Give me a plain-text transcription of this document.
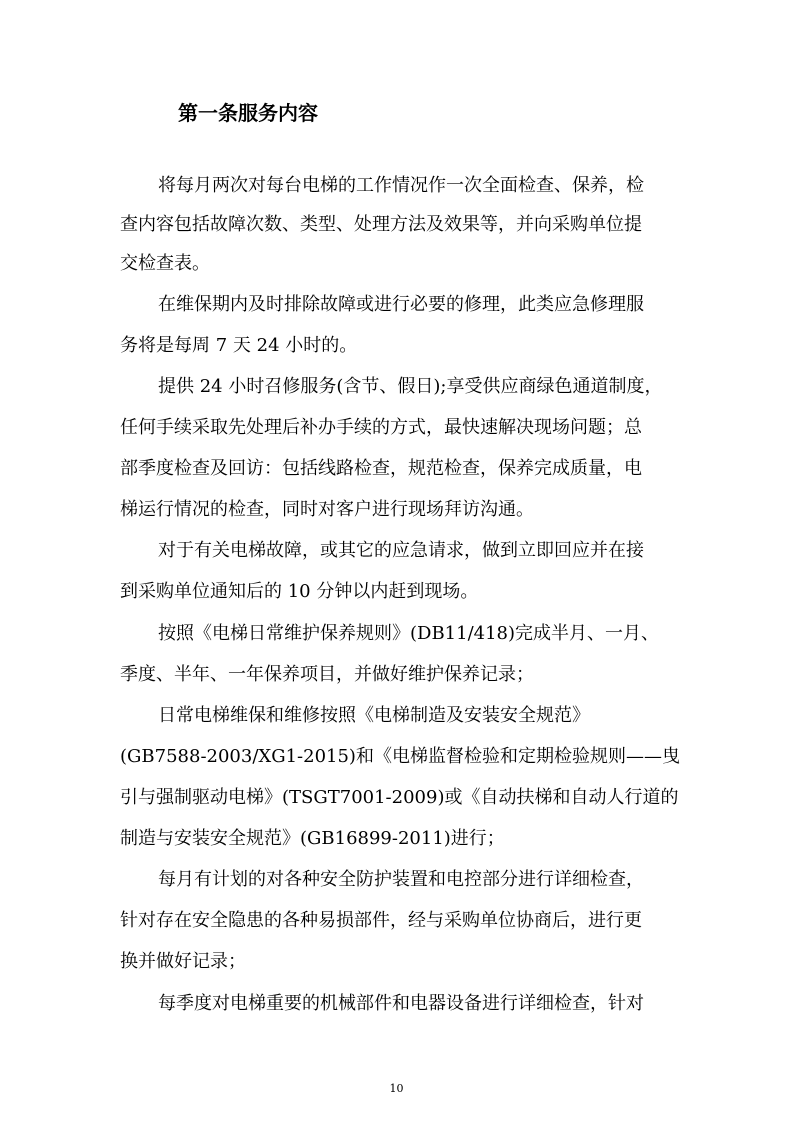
第一条服务内容
将每月两次对每台电梯的工作情况作一次全面检查、保养，检
查内容包括故障次数、类型、处理方法及效果等，并向采购单位提
交检查表。
在维保期内及时排除故障或进行必要的修理，此类应急修理服
务将是每周 7 天 24 小时的。
提供 24 小时召修服务(含节、假日);享受供应商绿色通道制度，
任何手续采取先处理后补办手续的方式，最快速解决现场问题；总
部季度检查及回访：包括线路检查，规范检查，保养完成质量，电
梯运行情况的检查，同时对客户进行现场拜访沟通。
对于有关电梯故障，或其它的应急请求，做到立即回应并在接
到采购单位通知后的 10 分钟以内赶到现场。
按照《电梯日常维护保养规则》(DB11/418)完成半月、一月、
季度、半年、一年保养项目，并做好维护保养记录；
日常电梯维保和维修按照《电梯制造及安装安全规范》
(GB7588-2003/XG1-2015)和《电梯监督检验和定期检验规则——曳
引与强制驱动电梯》(TSGT7001-2009)或《自动扶梯和自动人行道的
制造与安装安全规范》(GB16899-2011)进行；
每月有计划的对各种安全防护装置和电控部分进行详细检查，
针对存在安全隐患的各种易损部件，经与采购单位协商后，进行更
换并做好记录；
每季度对电梯重要的机械部件和电器设备进行详细检查，针对
10
